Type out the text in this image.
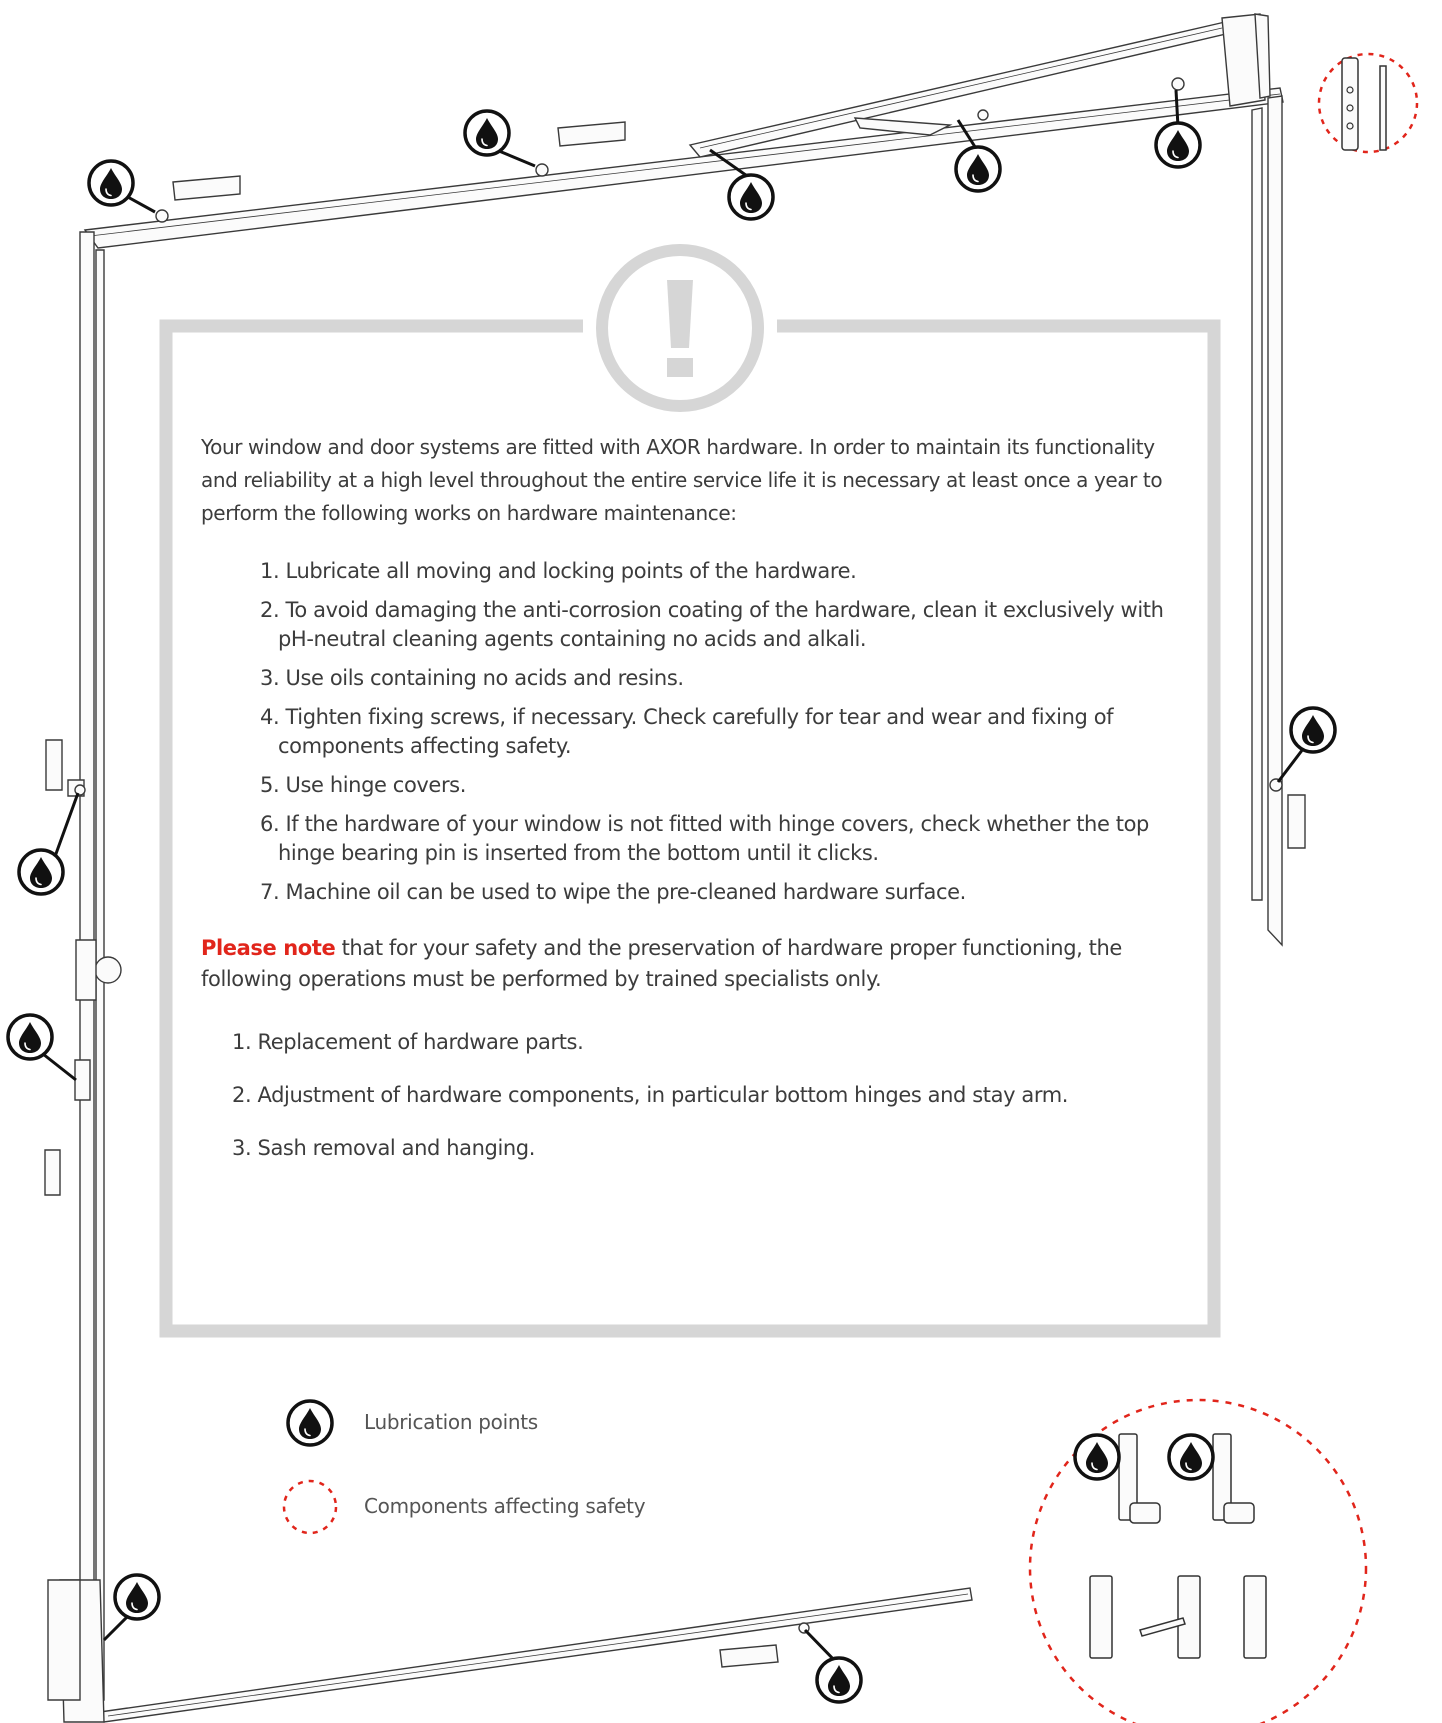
Your window and door systems are fitted with AXOR hardware. In order to maintain its functionality and reliability at a high level throughout the entire service life it is necessary at least once a year to perform the following works on hardware maintenance:

1. Lubricate all moving and locking points of the hardware.
2. To avoid damaging the anti-corrosion coating of the hardware, clean it exclusively with pH-neutral cleaning agents containing no acids and alkali.
3. Use oils containing no acids and resins.
4. Tighten fixing screws, if necessary. Check carefully for tear and wear and fixing of components affecting safety.
5. Use hinge covers.
6. If the hardware of your window is not fitted with hinge covers, check whether the top hinge bearing pin is inserted from the bottom until it clicks.
7. Machine oil can be used to wipe the pre-cleaned hardware surface.

Please note that for your safety and the preservation of hardware proper functioning, the following operations must be performed by trained specialists only.

1. Replacement of hardware parts.
2. Adjustment of hardware components, in particular bottom hinges and stay arm.
3. Sash removal and hanging.
Lubrication points
Components affecting safety
